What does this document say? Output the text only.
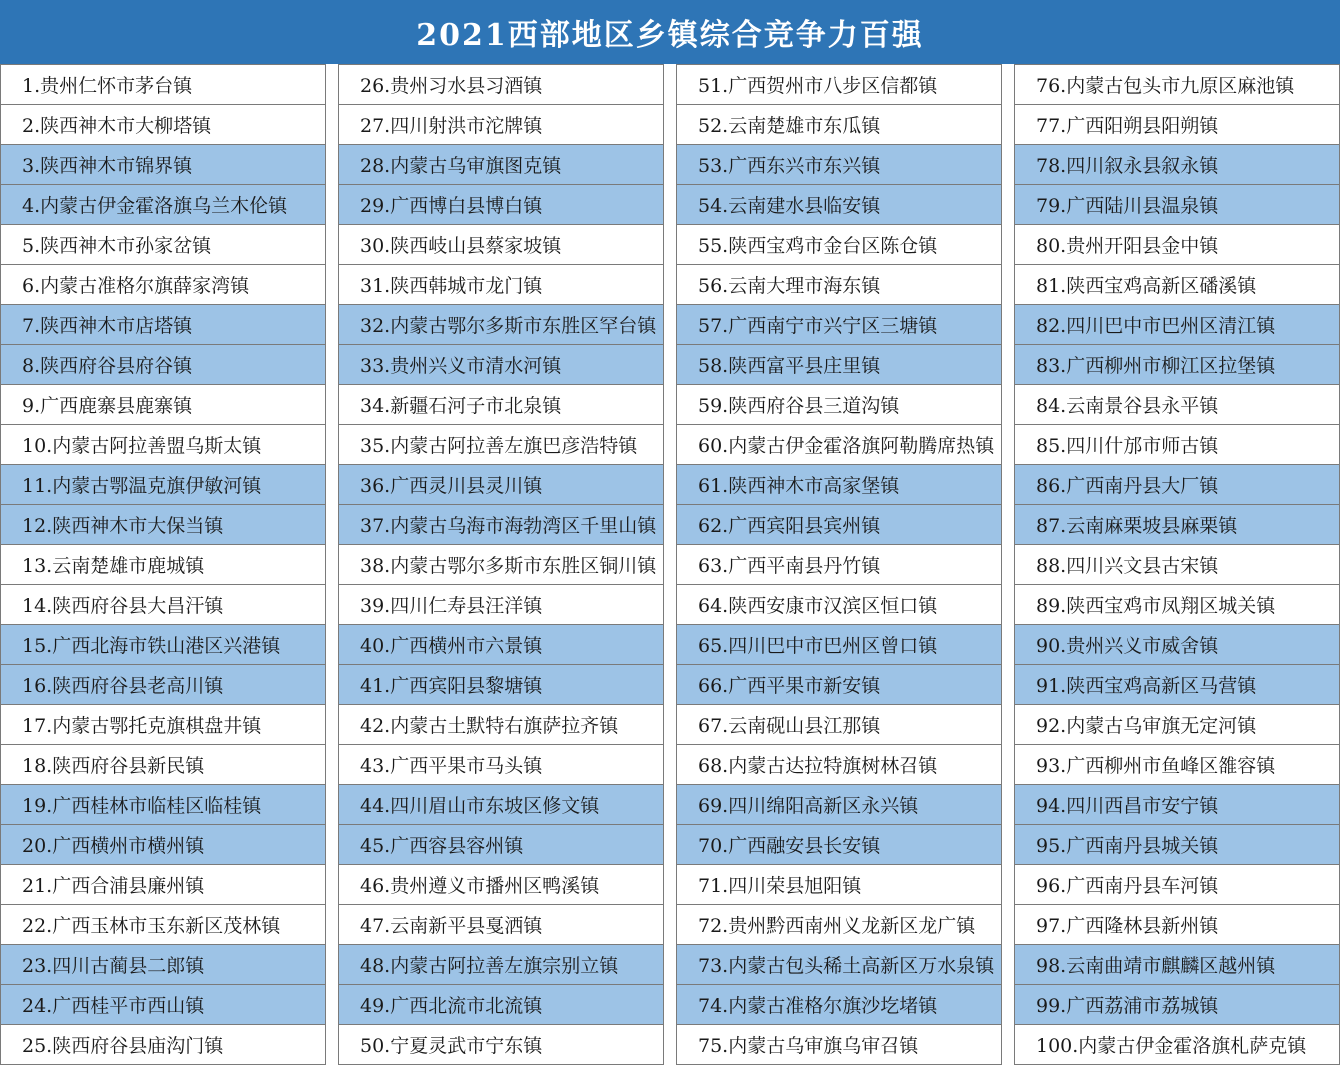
2021西部地区乡镇综合竞争力百强
1.贵州仁怀市茅台镇
2.陕西神木市大柳塔镇
3.陕西神木市锦界镇
4.内蒙古伊金霍洛旗乌兰木伦镇
5.陕西神木市孙家岔镇
6.内蒙古准格尔旗薛家湾镇
7.陕西神木市店塔镇
8.陕西府谷县府谷镇
9.广西鹿寨县鹿寨镇
10.内蒙古阿拉善盟乌斯太镇
11.内蒙古鄂温克旗伊敏河镇
12.陕西神木市大保当镇
13.云南楚雄市鹿城镇
14.陕西府谷县大昌汗镇
15.广西北海市铁山港区兴港镇
16.陕西府谷县老高川镇
17.内蒙古鄂托克旗棋盘井镇
18.陕西府谷县新民镇
19.广西桂林市临桂区临桂镇
20.广西横州市横州镇
21.广西合浦县廉州镇
22.广西玉林市玉东新区茂林镇
23.四川古蔺县二郎镇
24.广西桂平市西山镇
25.陕西府谷县庙沟门镇
26.贵州习水县习酒镇
27.四川射洪市沱牌镇
28.内蒙古乌审旗图克镇
29.广西博白县博白镇
30.陕西岐山县蔡家坡镇
31.陕西韩城市龙门镇
32.内蒙古鄂尔多斯市东胜区罕台镇
33.贵州兴义市清水河镇
34.新疆石河子市北泉镇
35.内蒙古阿拉善左旗巴彦浩特镇
36.广西灵川县灵川镇
37.内蒙古乌海市海勃湾区千里山镇
38.内蒙古鄂尔多斯市东胜区铜川镇
39.四川仁寿县汪洋镇
40.广西横州市六景镇
41.广西宾阳县黎塘镇
42.内蒙古土默特右旗萨拉齐镇
43.广西平果市马头镇
44.四川眉山市东坡区修文镇
45.广西容县容州镇
46.贵州遵义市播州区鸭溪镇
47.云南新平县戛洒镇
48.内蒙古阿拉善左旗宗别立镇
49.广西北流市北流镇
50.宁夏灵武市宁东镇
51.广西贺州市八步区信都镇
52.云南楚雄市东瓜镇
53.广西东兴市东兴镇
54.云南建水县临安镇
55.陕西宝鸡市金台区陈仓镇
56.云南大理市海东镇
57.广西南宁市兴宁区三塘镇
58.陕西富平县庄里镇
59.陕西府谷县三道沟镇
60.内蒙古伊金霍洛旗阿勒腾席热镇
61.陕西神木市高家堡镇
62.广西宾阳县宾州镇
63.广西平南县丹竹镇
64.陕西安康市汉滨区恒口镇
65.四川巴中市巴州区曾口镇
66.广西平果市新安镇
67.云南砚山县江那镇
68.内蒙古达拉特旗树林召镇
69.四川绵阳高新区永兴镇
70.广西融安县长安镇
71.四川荣县旭阳镇
72.贵州黔西南州义龙新区龙广镇
73.内蒙古包头稀土高新区万水泉镇
74.内蒙古准格尔旗沙圪堵镇
75.内蒙古乌审旗乌审召镇
76.内蒙古包头市九原区麻池镇
77.广西阳朔县阳朔镇
78.四川叙永县叙永镇
79.广西陆川县温泉镇
80.贵州开阳县金中镇
81.陕西宝鸡高新区磻溪镇
82.四川巴中市巴州区清江镇
83.广西柳州市柳江区拉堡镇
84.云南景谷县永平镇
85.四川什邡市师古镇
86.广西南丹县大厂镇
87.云南麻栗坡县麻栗镇
88.四川兴文县古宋镇
89.陕西宝鸡市凤翔区城关镇
90.贵州兴义市威舍镇
91.陕西宝鸡高新区马营镇
92.内蒙古乌审旗无定河镇
93.广西柳州市鱼峰区雒容镇
94.四川西昌市安宁镇
95.广西南丹县城关镇
96.广西南丹县车河镇
97.广西隆林县新州镇
98.云南曲靖市麒麟区越州镇
99.广西荔浦市荔城镇
100.内蒙古伊金霍洛旗札萨克镇
